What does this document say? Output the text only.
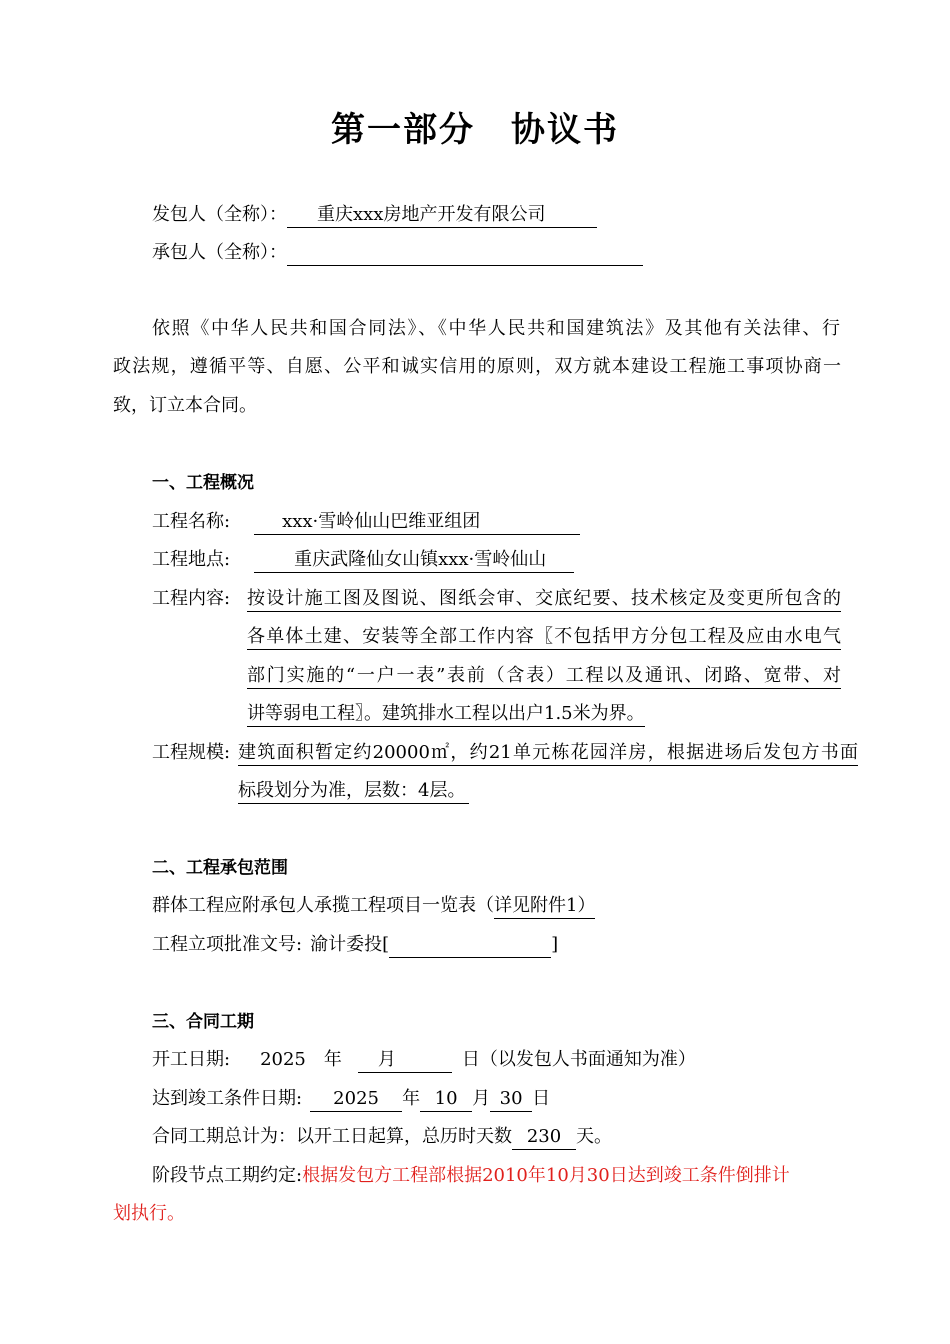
第一部分 协议书
发包人（全称）： 重庆xxx房地产开发有限公司
承包人（全称）：
依照《中华人民共和国合同法》、《中华人民共和国建筑法》及其他有关法律、行
政法规，遵循平等、自愿、公平和诚实信用的原则，双方就本建设工程施工事项协商一
致，订立本合同。
一、工程概况
工程名称:	xxx·雪岭仙山巴维亚组团
工程地点:	重庆武隆仙女山镇xxx·雪岭仙山
工程内容: 按设计施工图及图说、图纸会审、交底纪要、技术核定及变更所包含的
各单体土建、安装等全部工作内容〖不包括甲方分包工程及应由水电气
部门实施的“一户一表”表前（含表）工程以及通讯、闭路、宽带、对
讲等弱电工程〗。建筑排水工程以出户1.5米为界。
工程规模: 建筑面积暂定约20000㎡，约21单元栋花园洋房，根据进场后发包方书面
标段划分为准，层数：4层。
二、工程承包范围
群体工程应附承包人承揽工程项目一览表（详见附件1）
工程立项批准文号: 渝计委投[	]
三、合同工期
开工日期: 2025 年 月	日（以发包人书面通知为准）
达到竣工条件日期: 2025 年 10 月 30 日
合同工期总计为：以开工日起算，总历时天数 230 天。
阶段节点工期约定:根据发包方工程部根据2010年10月30日达到竣工条件倒排计
划执行。
